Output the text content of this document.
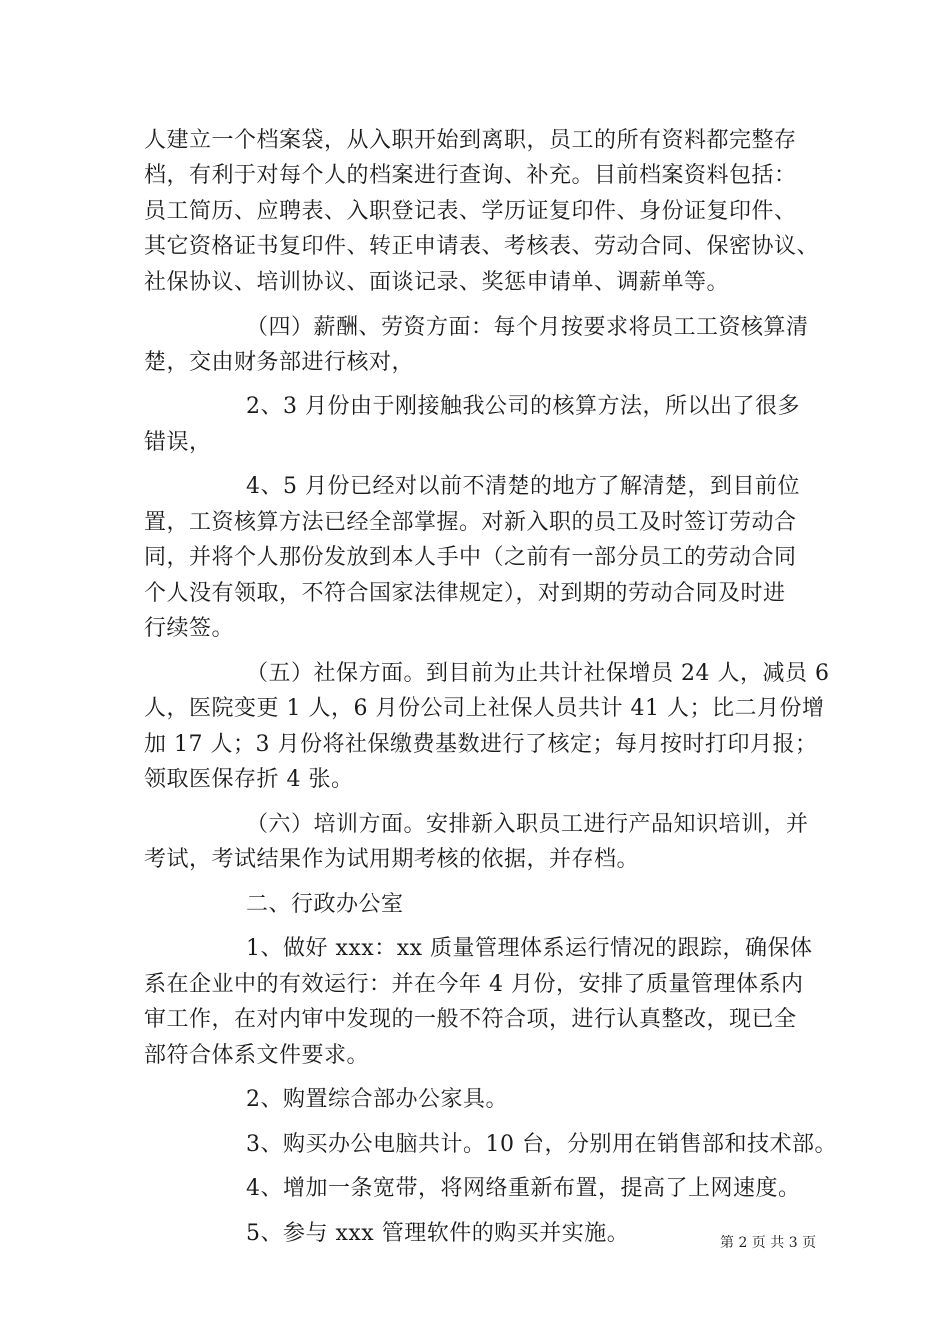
人建立一个档案袋，从入职开始到离职，员工的所有资料都完整存
档，有利于对每个人的档案进行查询、补充。目前档案资料包括：
员工简历、应聘表、入职登记表、学历证复印件、身份证复印件、
其它资格证书复印件、转正申请表、考核表、劳动合同、保密协议、
社保协议、培训协议、面谈记录、奖惩申请单、调薪单等。
（四）薪酬、劳资方面：每个月按要求将员工工资核算清
楚，交由财务部进行核对，
2、3 月份由于刚接触我公司的核算方法，所以出了很多
错误，
4、5 月份已经对以前不清楚的地方了解清楚，到目前位
置，工资核算方法已经全部掌握。对新入职的员工及时签订劳动合
同，并将个人那份发放到本人手中（之前有一部分员工的劳动合同
个人没有领取，不符合国家法律规定），对到期的劳动合同及时进
行续签。
（五）社保方面。到目前为止共计社保增员 24 人，减员 6
人，医院变更 1 人，6 月份公司上社保人员共计 41 人；比二月份增
加 17 人；3 月份将社保缴费基数进行了核定；每月按时打印月报；
领取医保存折 4 张。
（六）培训方面。安排新入职员工进行产品知识培训，并
考试，考试结果作为试用期考核的依据，并存档。
二、行政办公室
1、做好 xxx：xx 质量管理体系运行情况的跟踪，确保体
系在企业中的有效运行：并在今年 4 月份，安排了质量管理体系内
审工作，在对内审中发现的一般不符合项，进行认真整改，现已全
部符合体系文件要求。
2、购置综合部办公家具。
3、购买办公电脑共计。10 台，分别用在销售部和技术部。
4、增加一条宽带，将网络重新布置，提高了上网速度。
5、参与 xxx 管理软件的购买并实施。	第 2 页 共 3 页
